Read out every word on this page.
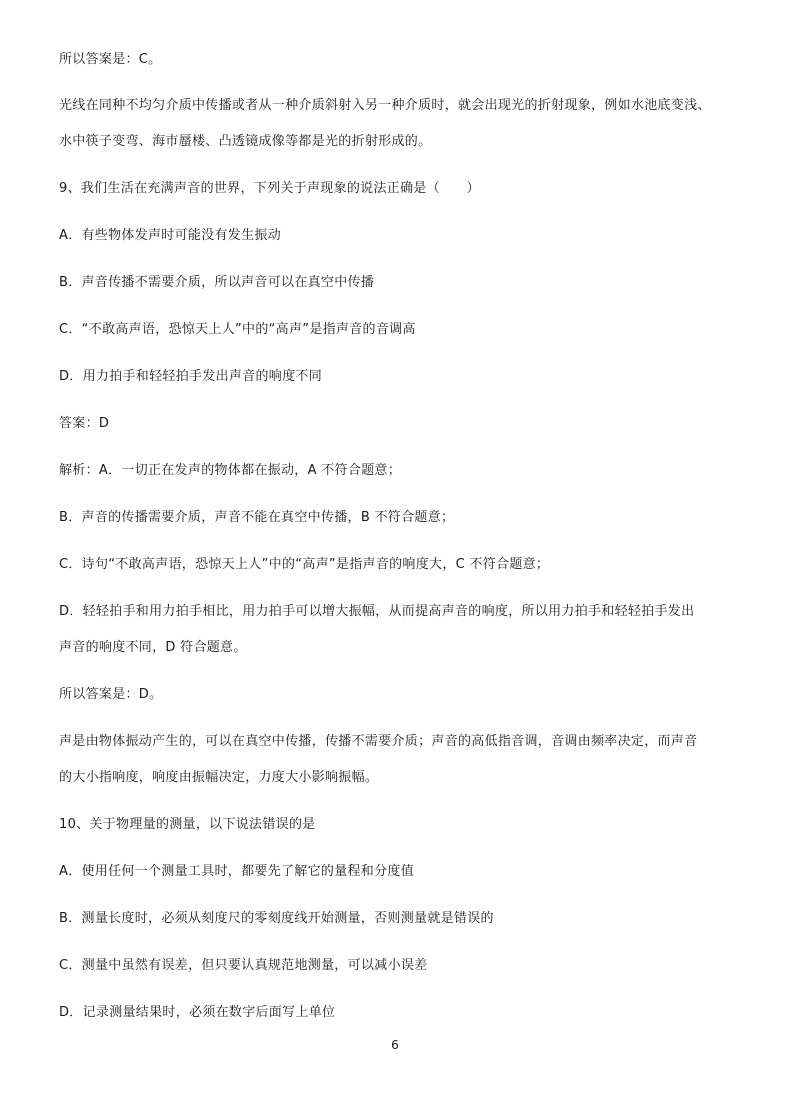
所以答案是：C。
光线在同种不均匀介质中传播或者从一种介质斜射入另一种介质时，就会出现光的折射现象，例如水池底变浅、
水中筷子变弯、海市蜃楼、凸透镜成像等都是光的折射形成的。
9、我们生活在充满声音的世界，下列关于声现象的说法正确是（　　）
A．有些物体发声时可能没有发生振动
B．声音传播不需要介质，所以声音可以在真空中传播
C．“不敢高声语，恐惊天上人”中的“高声”是指声音的音调高
D．用力拍手和轻轻拍手发出声音的响度不同
答案：D
解析：A．一切正在发声的物体都在振动，A 不符合题意；
B．声音的传播需要介质，声音不能在真空中传播，B 不符合题意；
C．诗句“不敢高声语，恐惊天上人”中的“高声”是指声音的响度大，C 不符合题意；
D．轻轻拍手和用力拍手相比，用力拍手可以增大振幅，从而提高声音的响度，所以用力拍手和轻轻拍手发出
声音的响度不同，D 符合题意。
所以答案是：D。
声是由物体振动产生的，可以在真空中传播，传播不需要介质；声音的高低指音调，音调由频率决定，而声音
的大小指响度，响度由振幅决定，力度大小影响振幅。
10、关于物理量的测量，以下说法错误的是
A．使用任何一个测量工具时，都要先了解它的量程和分度值
B．测量长度时，必须从刻度尺的零刻度线开始测量，否则测量就是错误的
C．测量中虽然有误差，但只要认真规范地测量，可以减小误差
D．记录测量结果时，必须在数字后面写上单位
6
